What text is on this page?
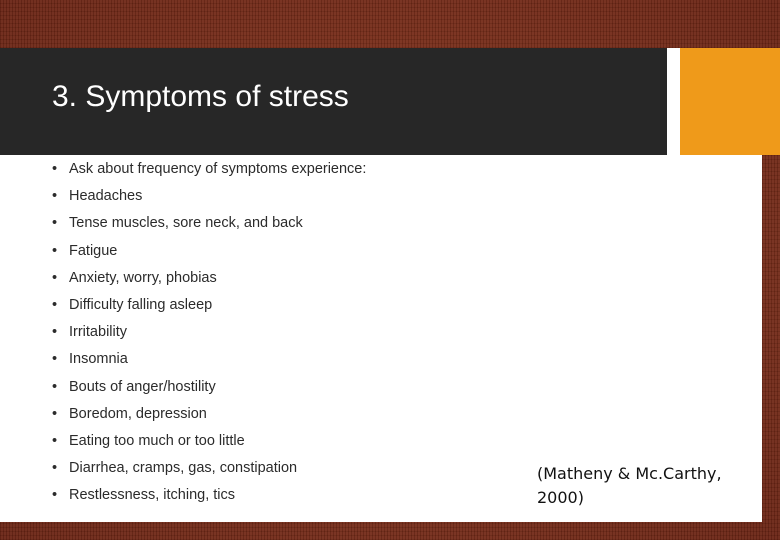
3. Symptoms of stress
• Ask about frequency of symptoms experience:
• Headaches
• Tense muscles, sore neck, and back
• Fatigue
• Anxiety, worry, phobias
• Difficulty falling asleep
• Irritability
• Insomnia
• Bouts of anger/hostility
• Boredom, depression
• Eating too much or too little
• Diarrhea, cramps, gas, constipation
• Restlessness, itching, tics
(Matheny & Mc.Carthy, 2000)
